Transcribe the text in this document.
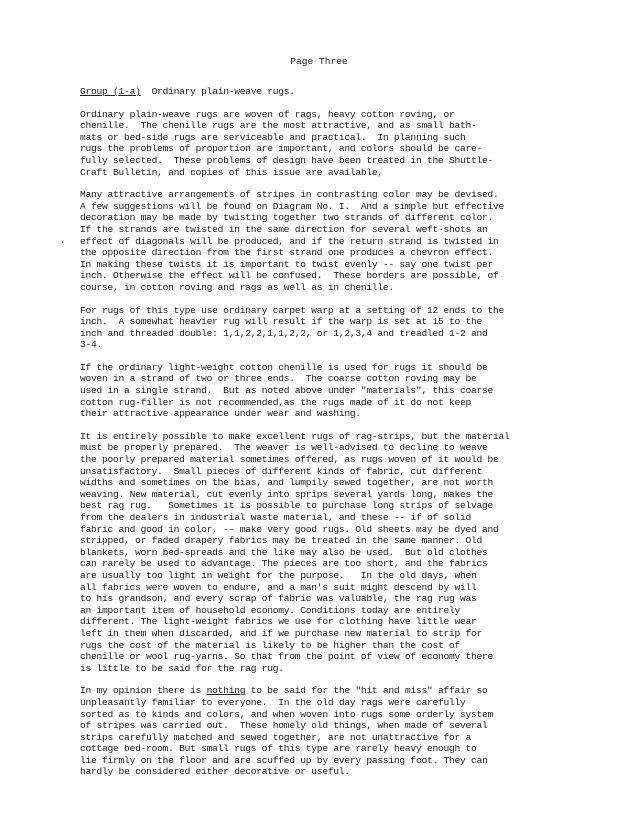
Page Three
.
Group (1-a) Ordinary plain-weave rugs.

Ordinary plain-weave rugs are woven of rags, heavy cotton roving, or
chenille.  The chenille rugs are the most attractive, and as small bath-
mats or bed-side rugs are serviceable and practical.  In planning such
rugs the problems of proportion are important, and colors should be care-
fully selected.  These problems of design have been treated in the Shuttle-
Craft Bulletin, and copies of this issue are available,

Many attractive arrangements of stripes in contrasting color may be devised.
A few suggestions will be found on Diagram No. I.  And a simple but effective
decoration may be made by twisting together two strands of different color.
If the strands are twisted in the same direction for several weft-shots an
effect of diagonals will be produced, and if the return strand is twisted in
the opposite direction from the first strand one produces a chevron effect.
In making these twists it is important to twist evenly -- say one twist per
inch. Otherwise the effect will be confused.  These borders are possible, of
course, in cotton roving and rags as well as in chenille.

For rugs of this type use ordinary carpet warp at a setting of 12 ends to the
inch.  A somewhat heavier rug will result if the warp is set at 15 to the
inch and threaded double: 1,1,2,2,1,1,2,2, or 1,2,3,4 and treadled 1-2 and
3-4.

If the ordinary light-weight cotton chenille is used for rugs it should be
woven in a strand of two or three ends.  The coarse cotton roving may be
used in a single strand.  But as noted above under "materials", this coarse
cotton rug-filler is not recommended,as the rugs made of it do not keep
their attractive appearance under wear and washing.

It is entirely possible to make excellent rugs of rag-strips, but the material
must be properly prepared.  The weaver is well-advised to decline to weave
the poorly prepared material sometimes offered, as rugs woven of it would be
unsatisfactory.  Small pieces of different kinds of fabric, cut different
widths and sometimes on the bias, and lumpily sewed together, are not worth
weaving. New material, cut evenly into sprips several yards long, makes the
best rag rug.   Sometimes it is possible to purchase long strips of selvage
from the dealers in industrial waste material, and these -- if of solid
fabric and good in color, -- make very good rugs. Old sheets may be dyed and
stripped, or faded drapery fabrics may be treated in the same manner. Old
blankets, worn bed-spreads and the like may also be used.  But old clothes
can rarely be used to advantage. The pieces are too short, and the fabrics
are usually too light in weight for the purpose.   In the old days, when
all fabrics were woven to endure, and a man's suit might descend by will
to his grandson, and every scrap of fabric was valuable, the rag rug was
an important item of household economy. Conditions today are entirely
different. The light-weight fabrics we use for clothing have little wear
left in them when discarded, and if we purchase new material to strip for
rugs the cost of the material is likely to be higher than the cost of
chenille or wool rug-yarns. So that from the point of view of economy there
is little to be said for the rag rug.

In my opinion there is nothing to be said for the "hit and miss" affair so
unpleasantly familiar to everyone.  In the old day rags were carefully
sorted as to kinds and colors, and when woven into rugs some orderly system
of stripes was carried out.  These homely old things, when made of several
strips carefully matched and sewed together, are not unattractive for a
cottage bed-room. But small rugs of this type are rarely heavy enough to
lie firmly on the floor and are scuffed up by every passing foot. They can
hardly be considered either decorative or useful.
